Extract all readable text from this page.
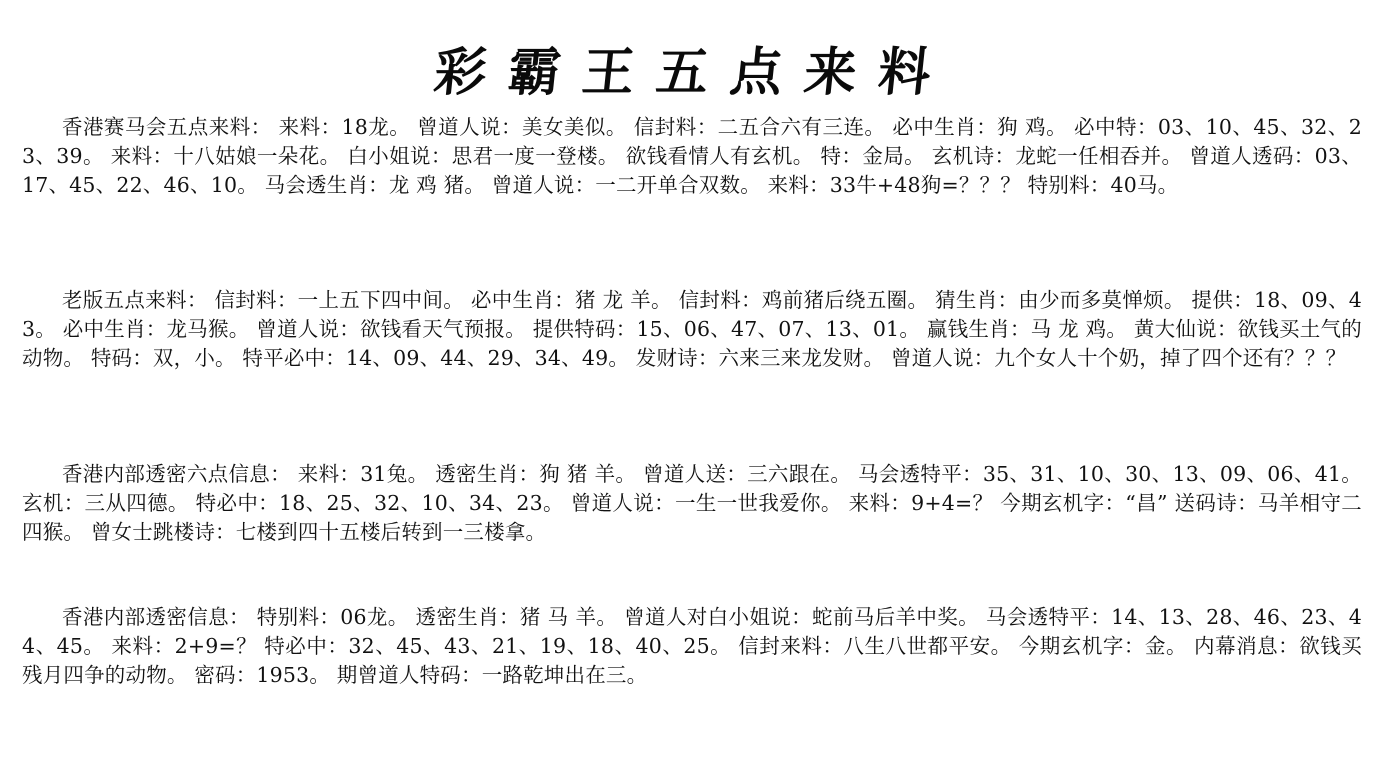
彩霸王五点来料
香港赛马会五点来料： 来料：18龙。 曾道人说：美女美似。 信封料：二五合六有三连。 必中生肖：狗 鸡。 必中特：03、10、45、32、23、39。 来料：十八姑娘一朵花。 白小姐说：思君一度一登楼。 欲钱看情人有玄机。 特：金局。 玄机诗：龙蛇一任相吞并。 曾道人透码：03、17、45、22、46、10。 马会透生肖：龙 鸡 猪。 曾道人说：一二开单合双数。 来料：33牛+48狗=？？？ 特别料：40马。
老版五点来料： 信封料：一上五下四中间。 必中生肖：猪 龙 羊。 信封料：鸡前猪后绕五圈。 猜生肖：由少而多莫惮烦。 提供：18、09、43。 必中生肖：龙马猴。 曾道人说：欲钱看天气预报。 提供特码：15、06、47、07、13、01。 赢钱生肖：马 龙 鸡。 黄大仙说：欲钱买土气的动物。 特码：双，小。 特平必中：14、09、44、29、34、49。 发财诗：六来三来龙发财。 曾道人说：九个女人十个奶，掉了四个还有？？？
香港内部透密六点信息： 来料：31兔。 透密生肖：狗 猪 羊。 曾道人送：三六跟在。 马会透特平：35、31、10、30、13、09、06、41。 玄机：三从四德。 特必中：18、25、32、10、34、23。 曾道人说：一生一世我爱你。 来料：9+4=？ 今期玄机字：“昌” 送码诗：马羊相守二四猴。 曾女士跳楼诗：七楼到四十五楼后转到一三楼拿。
香港内部透密信息： 特别料：06龙。 透密生肖：猪 马 羊。 曾道人对白小姐说：蛇前马后羊中奖。 马会透特平：14、13、28、46、23、44、45。 来料：2+9=？ 特必中：32、45、43、21、19、18、40、25。 信封来料：八生八世都平安。 今期玄机字：金。 内幕消息：欲钱买残月四争的动物。 密码：1953。 期曾道人特码：一路乾坤出在三。
